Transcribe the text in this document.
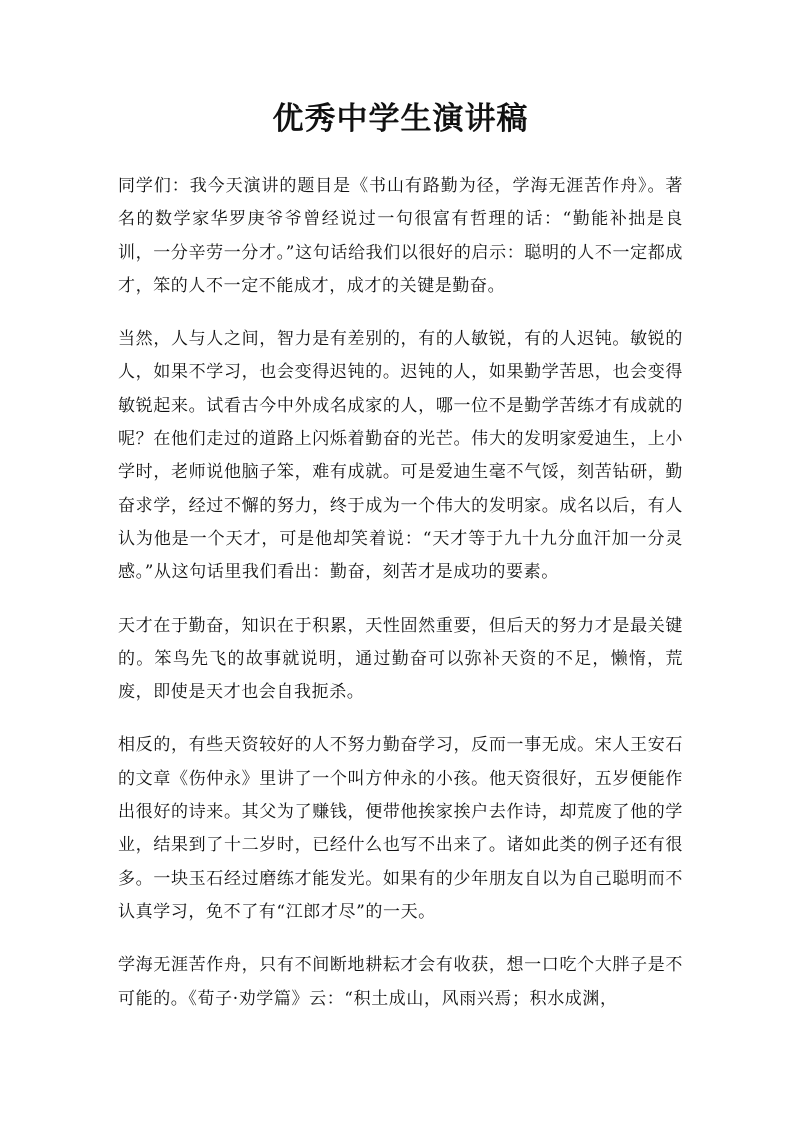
优秀中学生演讲稿

同学们：我今天演讲的题目是《书山有路勤为径，学海无涯苦作舟》。著名的数学家华罗庚爷爷曾经说过一句很富有哲理的话：“勤能补拙是良训，一分辛劳一分才。”这句话给我们以很好的启示：聪明的人不一定都成才，笨的人不一定不能成才，成才的关键是勤奋。

当然，人与人之间，智力是有差别的，有的人敏锐，有的人迟钝。敏锐的人，如果不学习，也会变得迟钝的。迟钝的人，如果勤学苦思，也会变得敏锐起来。试看古今中外成名成家的人，哪一位不是勤学苦练才有成就的呢？在他们走过的道路上闪烁着勤奋的光芒。伟大的发明家爱迪生，上小学时，老师说他脑子笨，难有成就。可是爱迪生毫不气馁，刻苦钻研，勤奋求学，经过不懈的努力，终于成为一个伟大的发明家。成名以后，有人认为他是一个天才，可是他却笑着说：“天才等于九十九分血汗加一分灵感。”从这句话里我们看出：勤奋，刻苦才是成功的要素。

天才在于勤奋，知识在于积累，天性固然重要，但后天的努力才是最关键的。笨鸟先飞的故事就说明，通过勤奋可以弥补天资的不足，懒惰，荒废，即使是天才也会自我扼杀。

相反的，有些天资较好的人不努力勤奋学习，反而一事无成。宋人王安石的文章《伤仲永》里讲了一个叫方仲永的小孩。他天资很好，五岁便能作出很好的诗来。其父为了赚钱，便带他挨家挨户去作诗，却荒废了他的学业，结果到了十二岁时，已经什么也写不出来了。诸如此类的例子还有很多。一块玉石经过磨练才能发光。如果有的少年朋友自以为自己聪明而不认真学习，免不了有“江郎才尽”的一天。

学海无涯苦作舟，只有不间断地耕耘才会有收获，想一口吃个大胖子是不可能的。《荀子·劝学篇》云：“积土成山，风雨兴焉；积水成渊，
